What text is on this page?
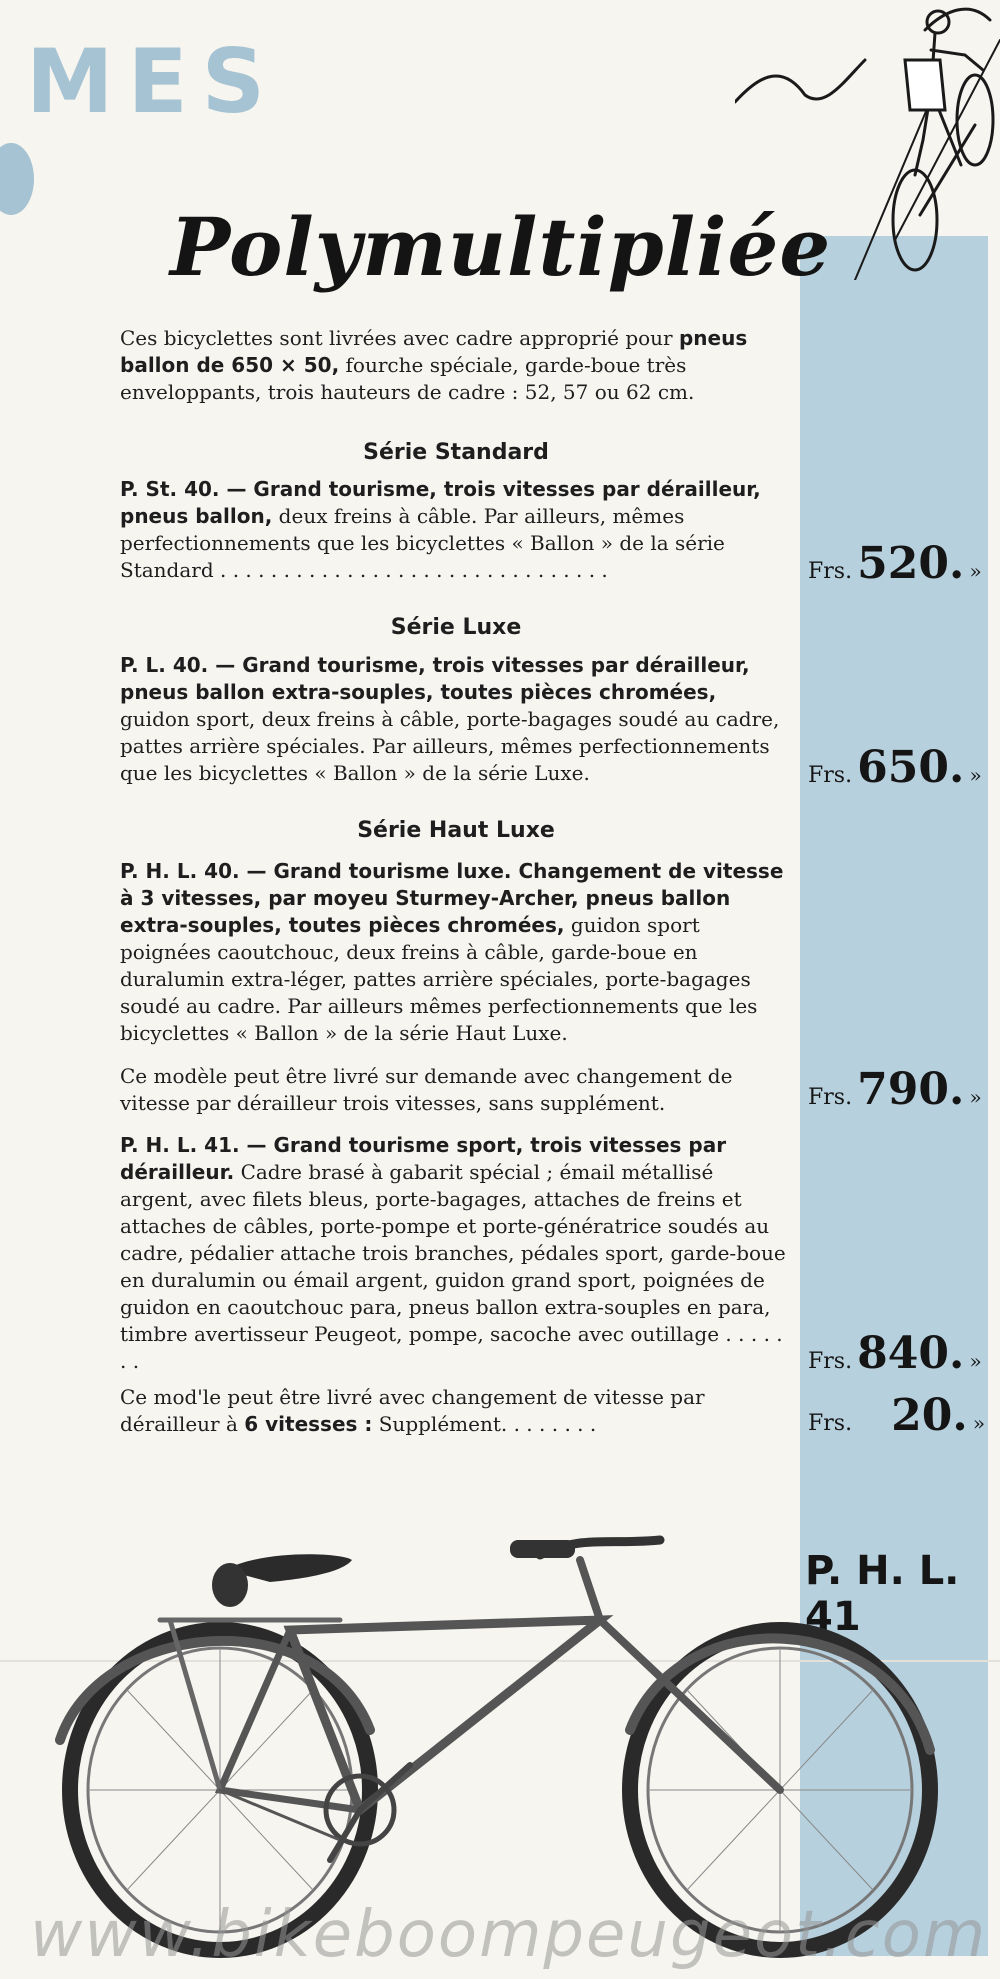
MES
Polymultipliée
Ces bicyclettes sont livrées avec cadre approprié pour pneus ballon de 650 × 50, fourche spéciale, garde-boue très enveloppants, trois hauteurs de cadre : 52, 57 ou 62 cm.
Série Standard
P. St. 40. — Grand tourisme, trois vitesses par dérailleur, pneus ballon, deux freins à câble. Par ailleurs, mêmes perfectionnements que les bicyclettes « Ballon » de la série Standard . . . . . . . . . . . . . . . . . . . . . . . . . . . . . . .
Série Luxe
P. L. 40. — Grand tourisme, trois vitesses par dérailleur, pneus ballon extra-souples, toutes pièces chromées, guidon sport, deux freins à câble, porte-bagages soudé au cadre, pattes arrière spéciales. Par ailleurs, mêmes perfectionnements que les bicyclettes « Ballon » de la série Luxe.
Série Haut Luxe
P. H. L. 40. — Grand tourisme luxe. Changement de vitesse à 3 vitesses, par moyeu Sturmey-Archer, pneus ballon extra-souples, toutes pièces chromées, guidon sport poignées caoutchouc, deux freins à câble, garde-boue en duralumin extra-léger, pattes arrière spéciales, porte-bagages soudé au cadre. Par ailleurs mêmes perfectionnements que les bicyclettes « Ballon » de la série Haut Luxe.
Ce modèle peut être livré sur demande avec changement de vitesse par dérailleur trois vitesses, sans supplément.
P. H. L. 41. — Grand tourisme sport, trois vitesses par dérailleur. Cadre brasé à gabarit spécial ; émail métallisé argent, avec filets bleus, porte-bagages, attaches de freins et attaches de câbles, porte-pompe et porte-génératrice soudés au cadre, pédalier attache trois branches, pédales sport, garde-boue en duralumin ou émail argent, guidon grand sport, poignées de guidon en caoutchouc para, pneus ballon extra-souples en para, timbre avertisseur Peugeot, pompe, sacoche avec outillage . . . . . . .
Ce mod'le peut être livré avec changement de vitesse par dérailleur à 6 vitesses : Supplément. . . . . . . .
Frs. 520. »
Frs. 650. »
Frs. 790. »
Frs. 840. »
Frs. 20. »
P. H. L. 41
www.bikeboompeugeot.com
